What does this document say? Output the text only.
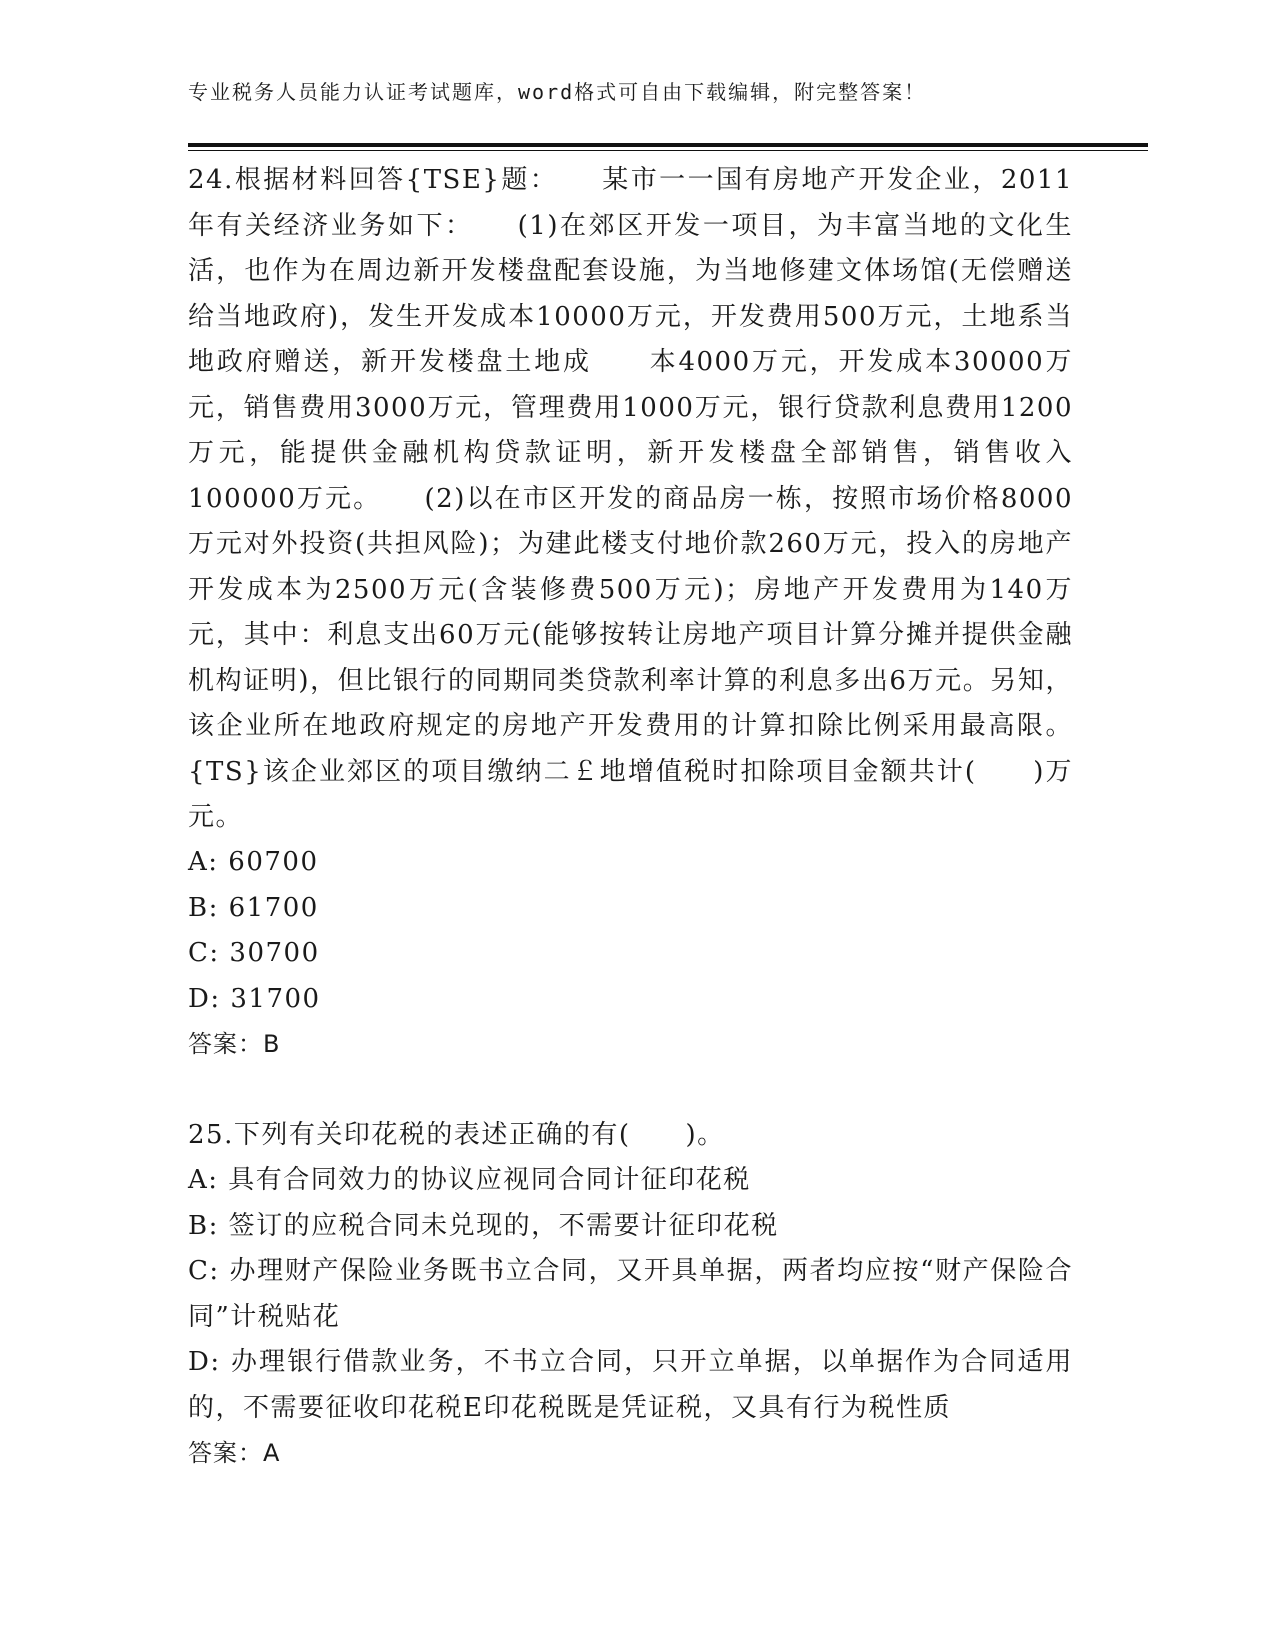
专业税务人员能力认证考试题库，word格式可自由下载编辑，附完整答案！

24.根据材料回答{TSE}题：　　某市一一国有房地产开发企业，2011年有关经济业务如下：　　(1)在郊区开发一项目，为丰富当地的文化生活，也作为在周边新开发楼盘配套设施，为当地修建文体场馆(无偿赠送给当地政府)，发生开发成本10000万元，开发费用500万元，土地系当地政府赠送，新开发楼盘土地成　　本4000万元，开发成本30000万元，销售费用3000万元，管理费用1000万元，银行贷款利息费用1200万元，能提供金融机构贷款证明，新开发楼盘全部销售，销售收入100000万元。　　(2)以在市区开发的商品房一栋，按照市场价格8000万元对外投资(共担风险)；为建此楼支付地价款260万元，投入的房地产开发成本为2500万元(含装修费500万元)；房地产开发费用为140万元，其中：利息支出60万元(能够按转让房地产项目计算分摊并提供金融机构证明)，但比银行的同期同类贷款利率计算的利息多出6万元。另知，该企业所在地政府规定的房地产开发费用的计算扣除比例采用最高限。{TS}该企业郊区的项目缴纳二￡地增值税时扣除项目金额共计(　　)万元。

A: 60700

B: 61700

C: 30700

D: 31700

答案：B

25.下列有关印花税的表述正确的有(　　)。

A: 具有合同效力的协议应视同合同计征印花税

B: 签订的应税合同未兑现的，不需要计征印花税

C: 办理财产保险业务既书立合同，又开具单据，两者均应按“财产保险合同”计税贴花

D: 办理银行借款业务，不书立合同，只开立单据，以单据作为合同适用的，不需要征收印花税E印花税既是凭证税，又具有行为税性质

答案：A
